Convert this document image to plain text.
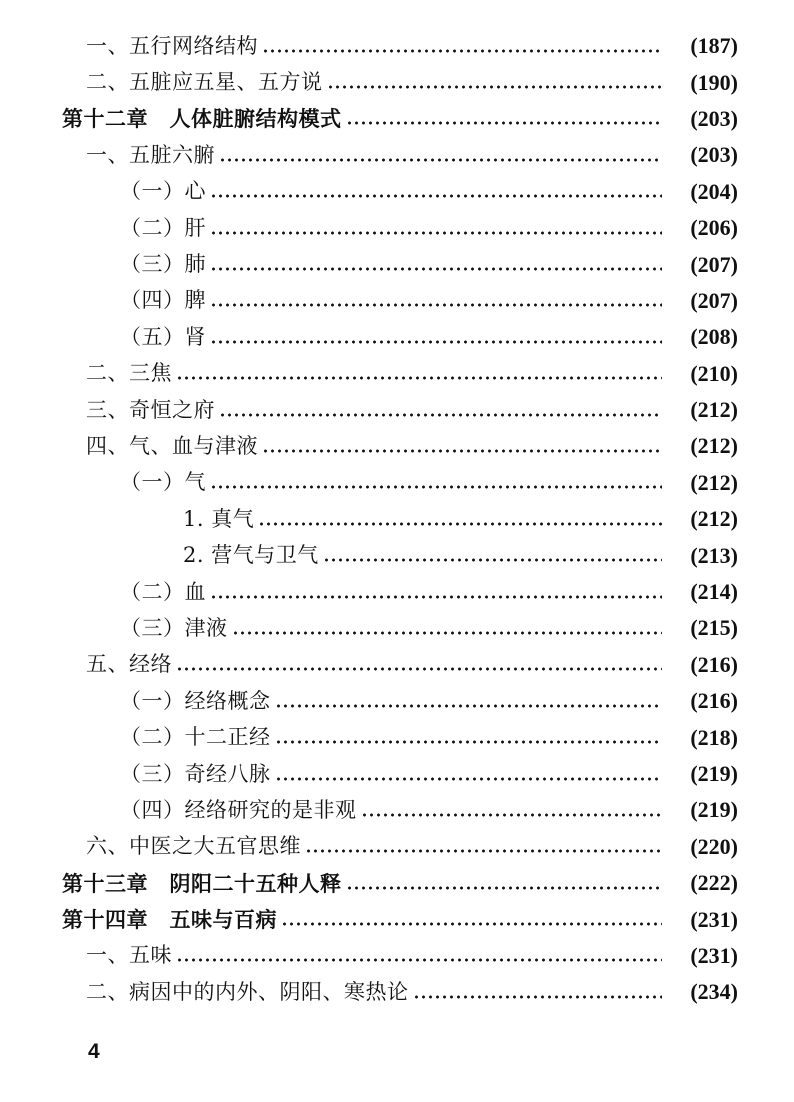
一、五行网络结构	(187)
二、五脏应五星、五方说	(190)
第十二章　人体脏腑结构模式	(203)
一、五脏六腑	(203)
（一）心	(204)
（二）肝	(206)
（三）肺	(207)
（四）脾	(207)
（五）肾	(208)
二、三焦	(210)
三、奇恒之府	(212)
四、气、血与津液	(212)
（一）气	(212)
1. 真气	(212)
2. 营气与卫气	(213)
（二）血	(214)
（三）津液	(215)
五、经络	(216)
（一）经络概念	(216)
（二）十二正经	(218)
（三）奇经八脉	(219)
（四）经络研究的是非观	(219)
六、中医之大五官思维	(220)
第十三章　阴阳二十五种人释	(222)
第十四章　五味与百病	(231)
一、五味	(231)
二、病因中的内外、阴阳、寒热论	(234)
4
